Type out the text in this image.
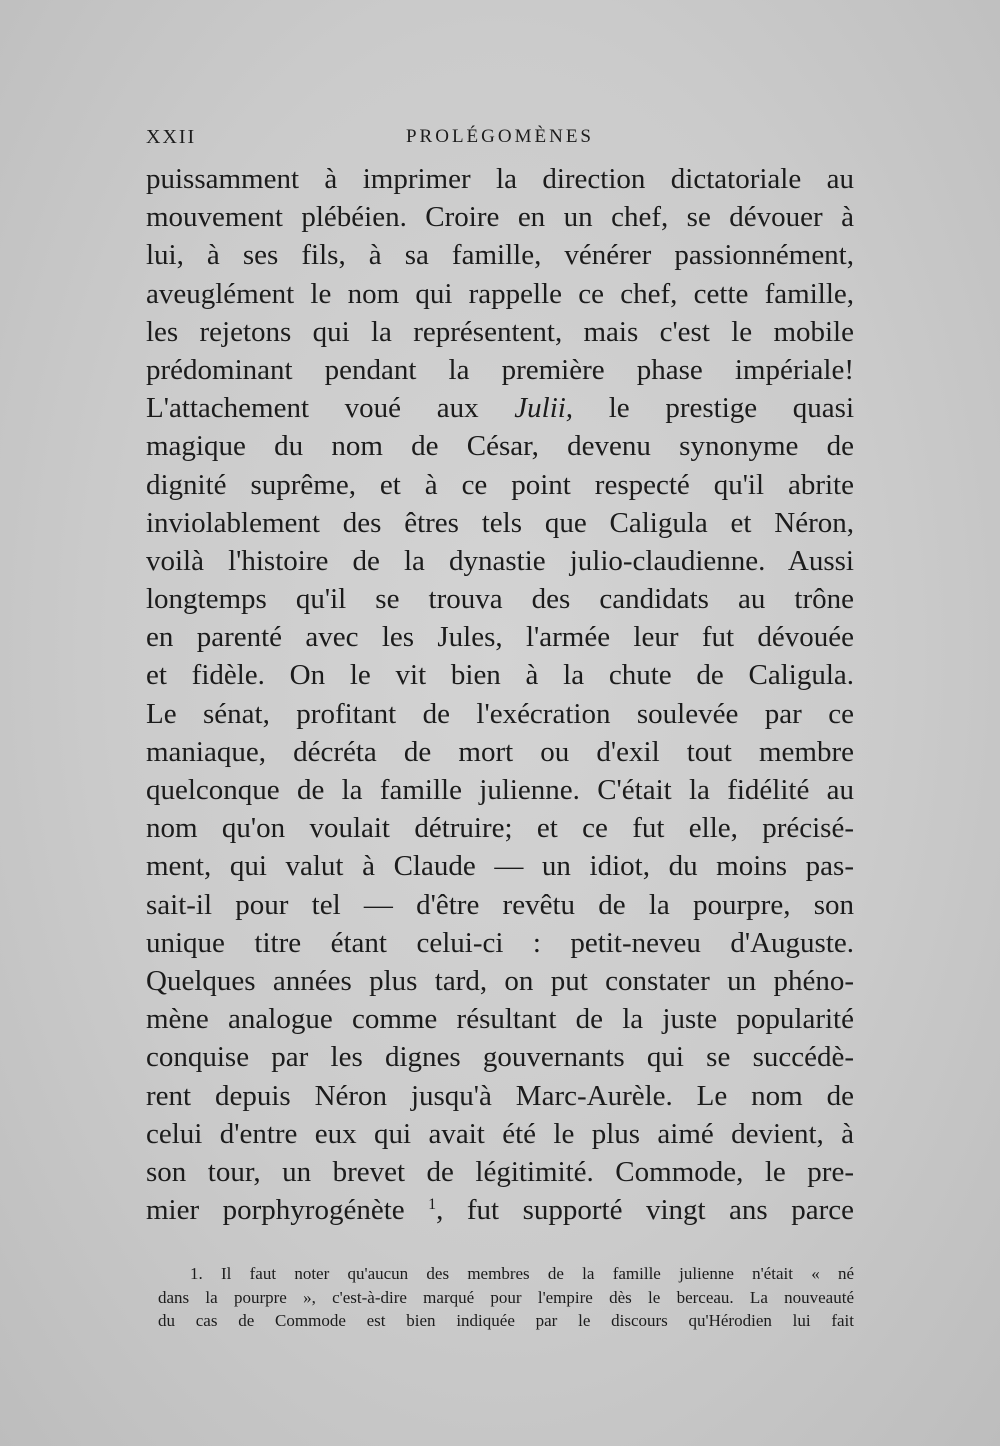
XXII	PROLÉGOMÈNES
puissamment à imprimer la direction dictatoriale au
mouvement plébéien. Croire en un chef, se dévouer à
lui, à ses fils, à sa famille, vénérer passionnément,
aveuglément le nom qui rappelle ce chef, cette famille,
les rejetons qui la représentent, mais c'est le mobile
prédominant pendant la première phase impériale!
L'attachement voué aux Julii, le prestige quasi
magique du nom de César, devenu synonyme de
dignité suprême, et à ce point respecté qu'il abrite
inviolablement des êtres tels que Caligula et Néron,
voilà l'histoire de la dynastie julio-claudienne. Aussi
longtemps qu'il se trouva des candidats au trône
en parenté avec les Jules, l'armée leur fut dévouée
et fidèle. On le vit bien à la chute de Caligula.
Le sénat, profitant de l'exécration soulevée par ce
maniaque, décréta de mort ou d'exil tout membre
quelconque de la famille julienne. C'était la fidélité au
nom qu'on voulait détruire; et ce fut elle, précisé-
ment, qui valut à Claude — un idiot, du moins pas-
sait-il pour tel — d'être revêtu de la pourpre, son
unique titre étant celui-ci : petit-neveu d'Auguste.
Quelques années plus tard, on put constater un phéno-
mène analogue comme résultant de la juste popularité
conquise par les dignes gouvernants qui se succédè-
rent depuis Néron jusqu'à Marc-Aurèle. Le nom de
celui d'entre eux qui avait été le plus aimé devient, à
son tour, un brevet de légitimité. Commode, le pre-
mier porphyrogénète $^1$, fut supporté vingt ans parce
1. Il faut noter qu'aucun des membres de la famille julienne n'était « né
dans la pourpre », c'est-à-dire marqué pour l'empire dès le berceau. La nouveauté
du cas de Commode est bien indiquée par le discours qu'Hérodien lui fait
